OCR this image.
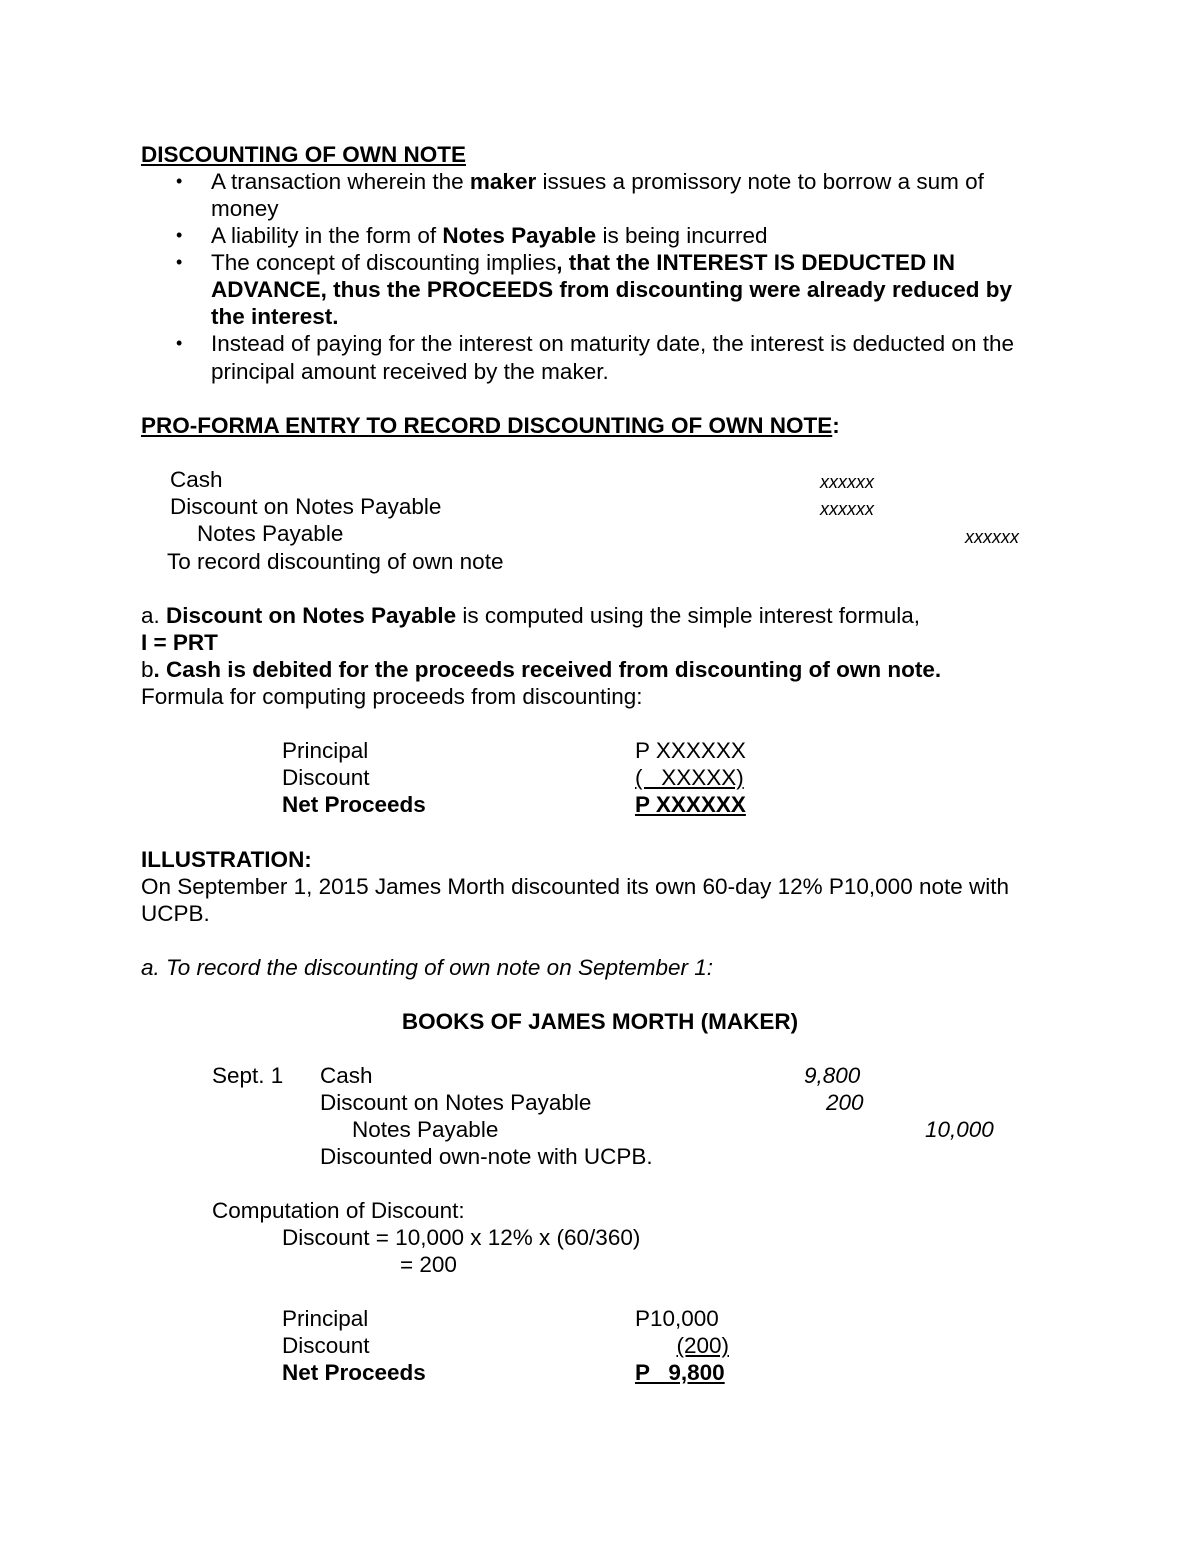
DISCOUNTING OF OWN NOTE
• A transaction wherein the maker issues a promissory note to borrow a sum of
money
• A liability in the form of Notes Payable is being incurred
• The concept of discounting implies, that the INTEREST IS DEDUCTED IN
ADVANCE, thus the PROCEEDS from discounting were already reduced by
the interest.
• Instead of paying for the interest on maturity date, the interest is deducted on the
principal amount received by the maker.
PRO-FORMA ENTRY TO RECORD DISCOUNTING OF OWN NOTE:
Cash	xxxxxx
Discount on Notes Payable	xxxxxx
Notes Payable	xxxxxx
To record discounting of own note
a. Discount on Notes Payable is computed using the simple interest formula,
I = PRT
b. Cash is debited for the proceeds received from discounting of own note.
Formula for computing proceeds from discounting:
Principal	P XXXXXX
Discount	(   XXXXX)
Net Proceeds	P XXXXXX
ILLUSTRATION:
On September 1, 2015 James Morth discounted its own 60-day 12% P10,000 note with
UCPB.
a. To record the discounting of own note on September 1:
BOOKS OF JAMES MORTH (MAKER)
Sept. 1 Cash	9,800
Discount on Notes Payable	200
Notes Payable	10,000
Discounted own-note with UCPB.
Computation of Discount:
Discount = 10,000 x 12% x (60/360)
= 200
Principal	P10,000
Discount	(200)
Net Proceeds	P   9,800
